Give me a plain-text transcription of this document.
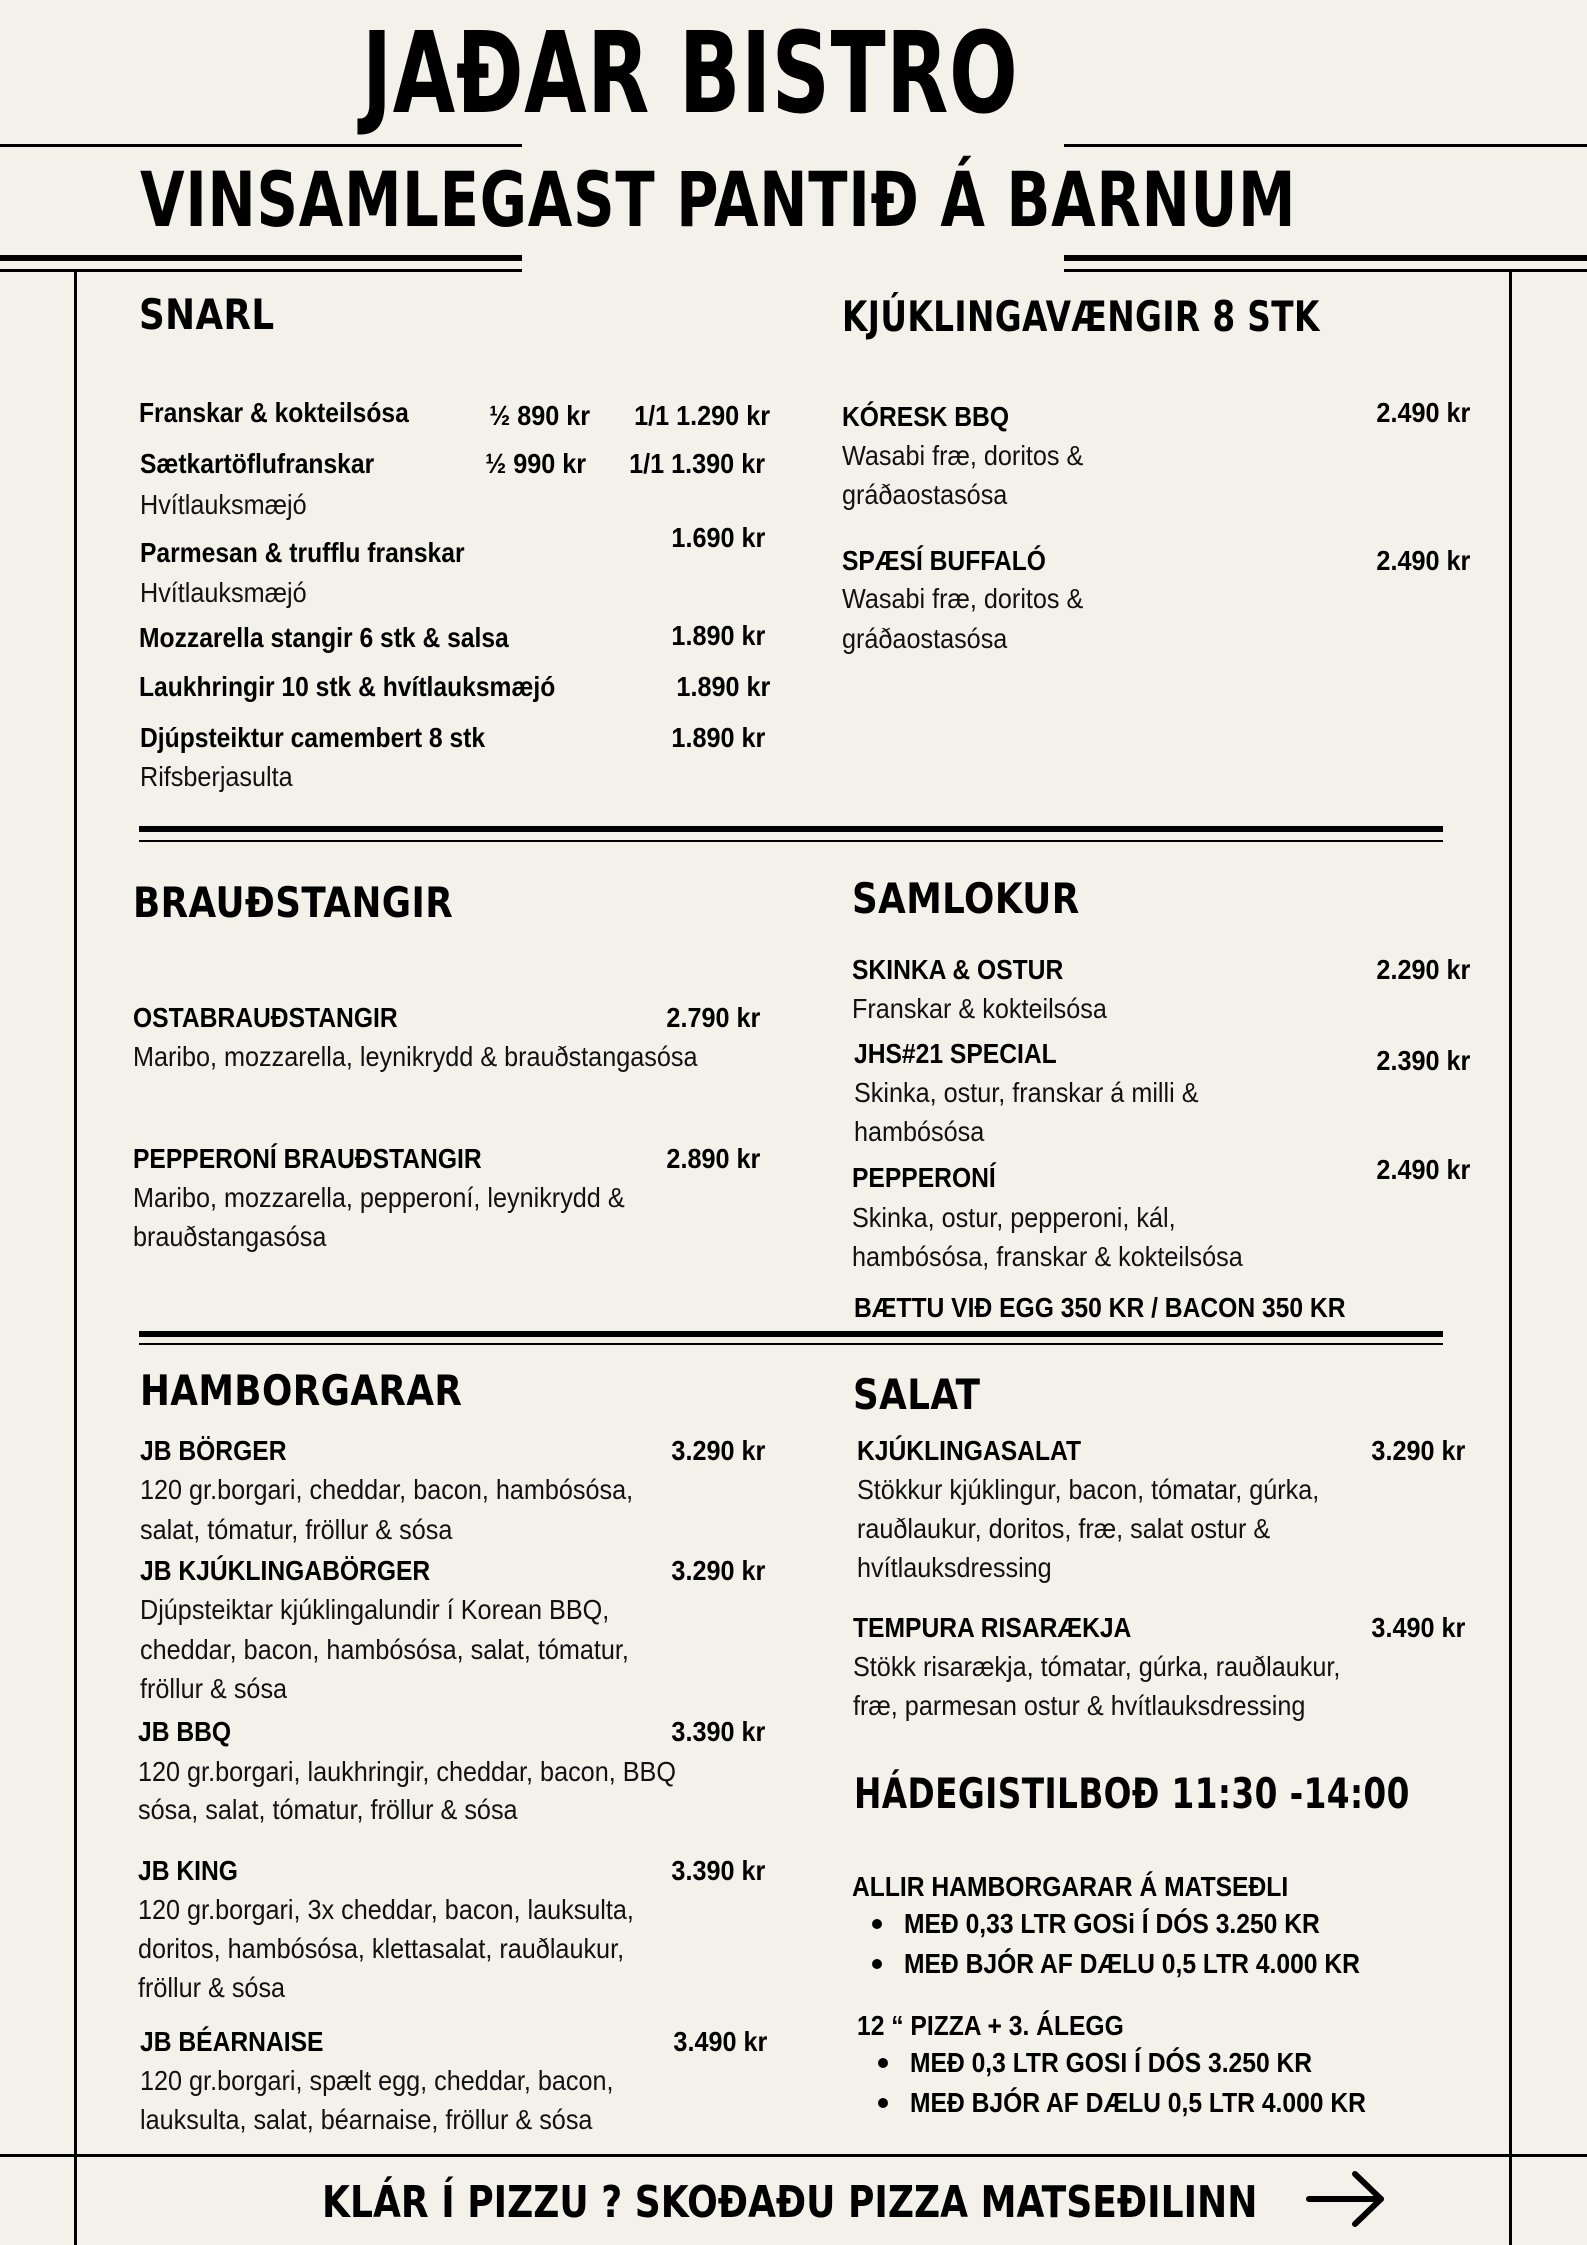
JAÐAR BISTRO
VINSAMLEGAST PANTIÐ Á BARNUM
SNARL
Franskar & kokteilsósa	½ 890 kr	1/1 1.290 kr
Sætkartöflufranskar	½ 990 kr	1/1 1.390 kr
Hvítlauksmæjó
Parmesan & trufflu franskar	1.690 kr
Hvítlauksmæjó
Mozzarella stangir 6 stk & salsa	1.890 kr
Laukhringir 10 stk & hvítlauksmæjó	1.890 kr
Djúpsteiktur camembert 8 stk	1.890 kr
Rifsberjasulta
KJÚKLINGAVÆNGIR 8 STK
KÓRESK BBQ	2.490 kr
Wasabi fræ, doritos &
gráðaostasósa
SPÆSÍ BUFFALÓ	2.490 kr
Wasabi fræ, doritos &
gráðaostasósa
BRAUÐSTANGIR
OSTABRAUÐSTANGIR	2.790 kr
Maribo, mozzarella, leynikrydd & brauðstangasósa
PEPPERONÍ BRAUÐSTANGIR	2.890 kr
Maribo, mozzarella, pepperoní, leynikrydd &
brauðstangasósa
SAMLOKUR
SKINKA & OSTUR	2.290 kr
Franskar & kokteilsósa
JHS#21 SPECIAL	2.390 kr
Skinka, ostur, franskar á milli &
hambósósa
PEPPERONÍ	2.490 kr
Skinka, ostur, pepperoni, kál,
hambósósa, franskar & kokteilsósa
BÆTTU VIÐ EGG 350 KR / BACON 350 KR
HAMBORGARAR
JB BÖRGER	3.290 kr
120 gr.borgari, cheddar, bacon, hambósósa,
salat, tómatur, fröllur & sósa
JB KJÚKLINGABÖRGER	3.290 kr
Djúpsteiktar kjúklingalundir í Korean BBQ,
cheddar, bacon, hambósósa, salat, tómatur,
fröllur & sósa
JB BBQ	3.390 kr
120 gr.borgari, laukhringir, cheddar, bacon, BBQ
sósa, salat, tómatur, fröllur & sósa
JB KING	3.390 kr
120 gr.borgari, 3x cheddar, bacon, lauksulta,
doritos, hambósósa, klettasalat, rauðlaukur,
fröllur & sósa
JB BÉARNAISE	3.490 kr
120 gr.borgari, spælt egg, cheddar, bacon,
lauksulta, salat, béarnaise, fröllur & sósa
SALAT
KJÚKLINGASALAT	3.290 kr
Stökkur kjúklingur, bacon, tómatar, gúrka,
rauðlaukur, doritos, fræ, salat ostur &
hvítlauksdressing
TEMPURA RISARÆKJA	3.490 kr
Stökk risarækja, tómatar, gúrka, rauðlaukur,
fræ, parmesan ostur & hvítlauksdressing
HÁDEGISTILBOÐ 11:30 -14:00
ALLIR HAMBORGARAR Á MATSEÐLI
MEÐ 0,33 LTR GOSi Í DÓS 3.250 KR
MEÐ BJÓR AF DÆLU 0,5 LTR 4.000 KR
12 “ PIZZA + 3. ÁLEGG
MEÐ 0,3 LTR GOSI Í DÓS 3.250 KR
MEÐ BJÓR AF DÆLU 0,5 LTR 4.000 KR
KLÁR Í PIZZU ? SKOÐAÐU PIZZA MATSEÐILINN
